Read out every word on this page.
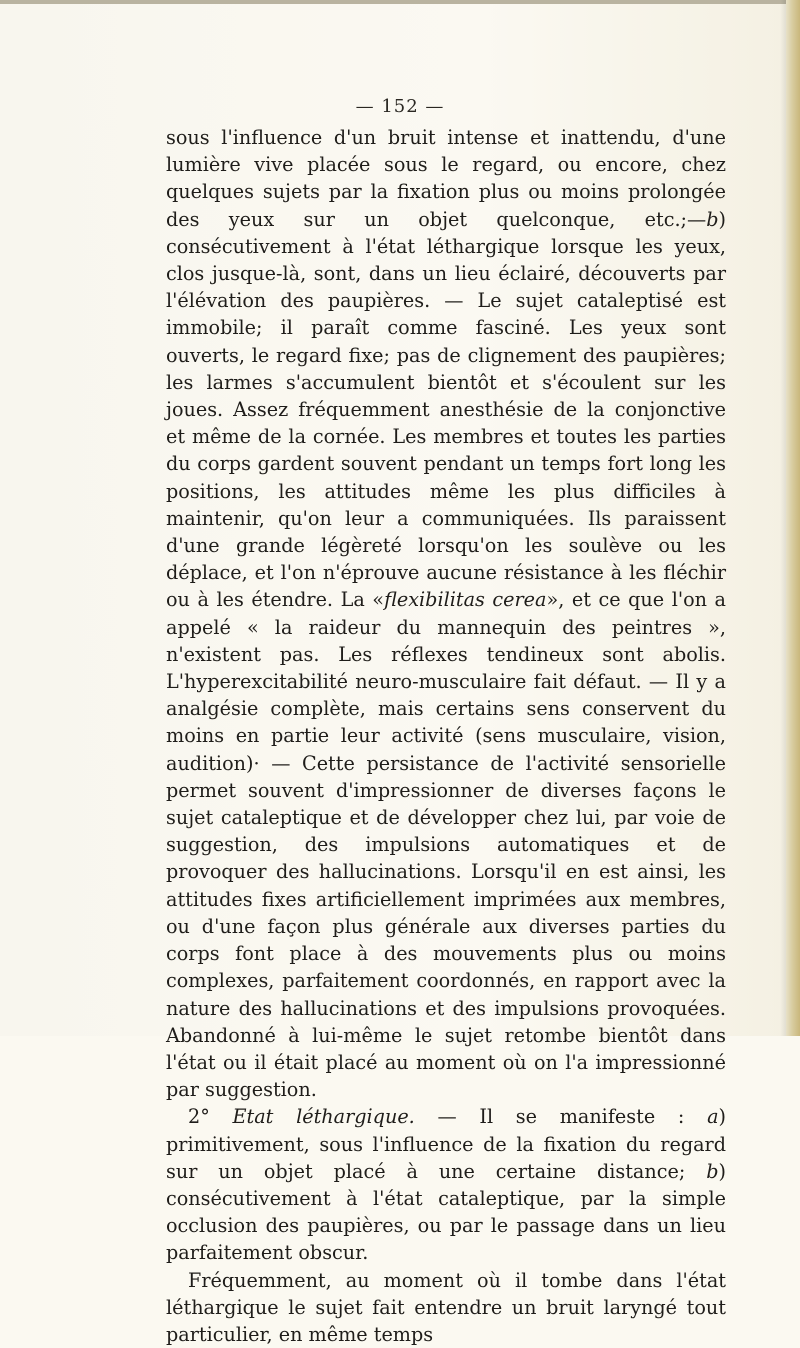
— 152 —

sous l'influence d'un bruit intense et inattendu, d'une lumière vive placée sous le regard, ou encore, chez quelques sujets par la fixation plus ou moins prolongée des yeux sur un objet quelconque, etc.;—b) consécutivement à l'état léthargique lorsque les yeux, clos jusque-là, sont, dans un lieu éclairé, découverts par l'élévation des paupières. — Le sujet cataleptisé est immobile; il paraît comme fasciné. Les yeux sont ouverts, le regard fixe; pas de clignement des paupières; les larmes s'accumulent bientôt et s'écoulent sur les joues. Assez fréquemment anesthésie de la conjonctive et même de la cornée. Les membres et toutes les parties du corps gardent souvent pendant un temps fort long les positions, les attitudes même les plus difficiles à maintenir, qu'on leur a communiquées. Ils paraissent d'une grande légèreté lorsqu'on les soulève ou les déplace, et l'on n'éprouve aucune résistance à les fléchir ou à les étendre. La «flexibilitas cerea», et ce que l'on a appelé « la raideur du mannequin des peintres », n'existent pas. Les réflexes tendineux sont abolis. L'hyperexcitabilité neuro-musculaire fait défaut. — Il y a analgésie complète, mais certains sens conservent du moins en partie leur activité (sens musculaire, vision, audition)· — Cette persistance de l'activité sensorielle permet souvent d'impressionner de diverses façons le sujet cataleptique et de développer chez lui, par voie de suggestion, des impulsions automatiques et de provoquer des hallucinations. Lorsqu'il en est ainsi, les attitudes fixes artificiellement imprimées aux membres, ou d'une façon plus générale aux diverses parties du corps font place à des mouvements plus ou moins complexes, parfaitement coordonnés, en rapport avec la nature des hallucinations et des impulsions provoquées. Abandonné à lui-même le sujet retombe bientôt dans l'état ou il était placé au moment où on l'a impressionné par suggestion.

2° Etat léthargique. — Il se manifeste : a) primitivement, sous l'influence de la fixation du regard sur un objet placé à une certaine distance; b) consécutivement à l'état cataleptique, par la simple occlusion des paupières, ou par le passage dans un lieu parfaitement obscur.

Fréquemment, au moment où il tombe dans l'état léthargique le sujet fait entendre un bruit laryngé tout particulier, en même temps
